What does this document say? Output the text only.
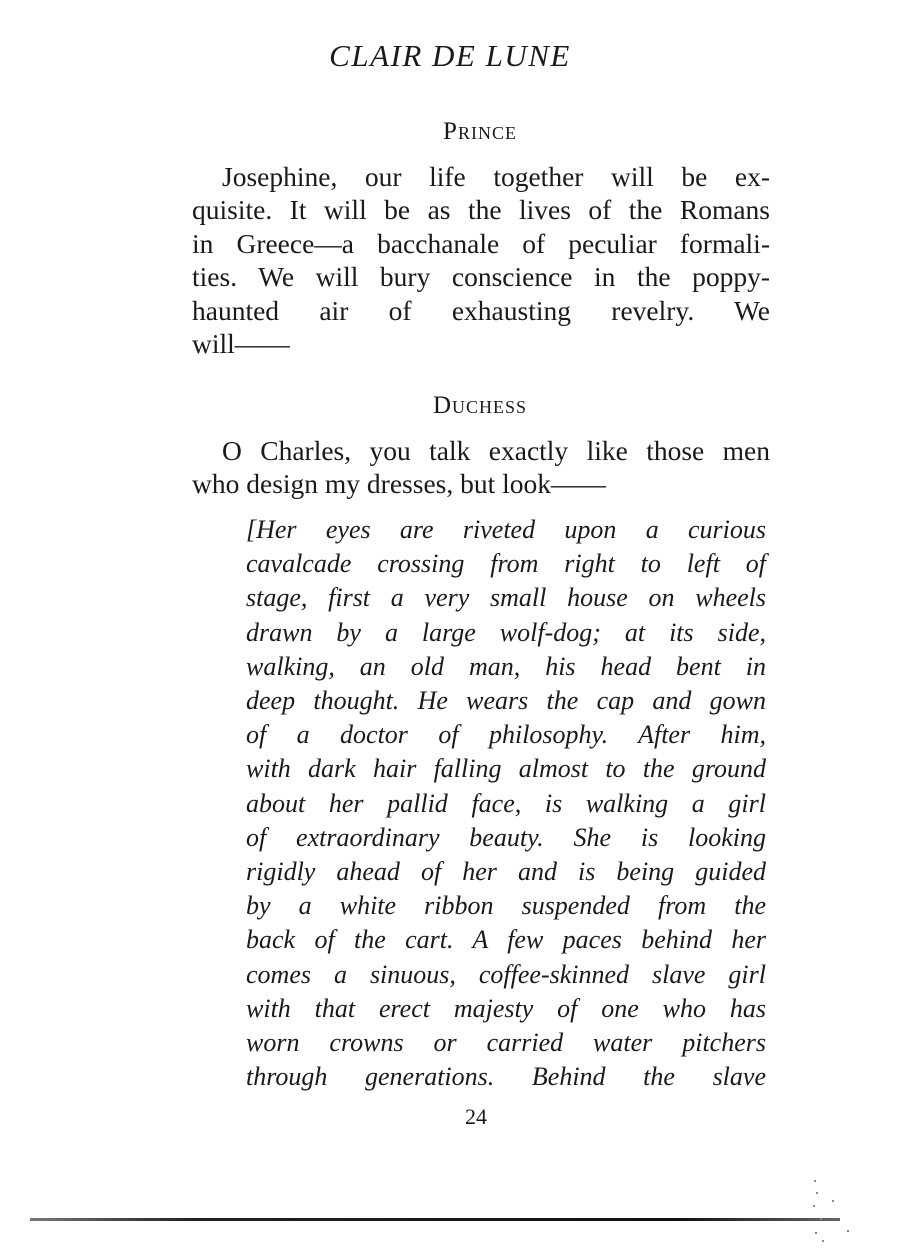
CLAIR DE LUNE
Prince
Josephine, our life together will be ex-
quisite. It will be as the lives of the Romans
in Greece—a bacchanale of peculiar formali-
ties. We will bury conscience in the poppy-
haunted air of exhausting revelry. We
will——
Duchess
O Charles, you talk exactly like those men
who design my dresses, but look——
[Her eyes are riveted upon a curious
cavalcade crossing from right to left of
stage, first a very small house on wheels
drawn by a large wolf-dog; at its side,
walking, an old man, his head bent in
deep thought. He wears the cap and gown
of a doctor of philosophy. After him,
with dark hair falling almost to the ground
about her pallid face, is walking a girl
of extraordinary beauty. She is looking
rigidly ahead of her and is being guided
by a white ribbon suspended from the
back of the cart. A few paces behind her
comes a sinuous, coffee-skinned slave girl
with that erect majesty of one who has
worn crowns or carried water pitchers
through generations. Behind the slave
24
